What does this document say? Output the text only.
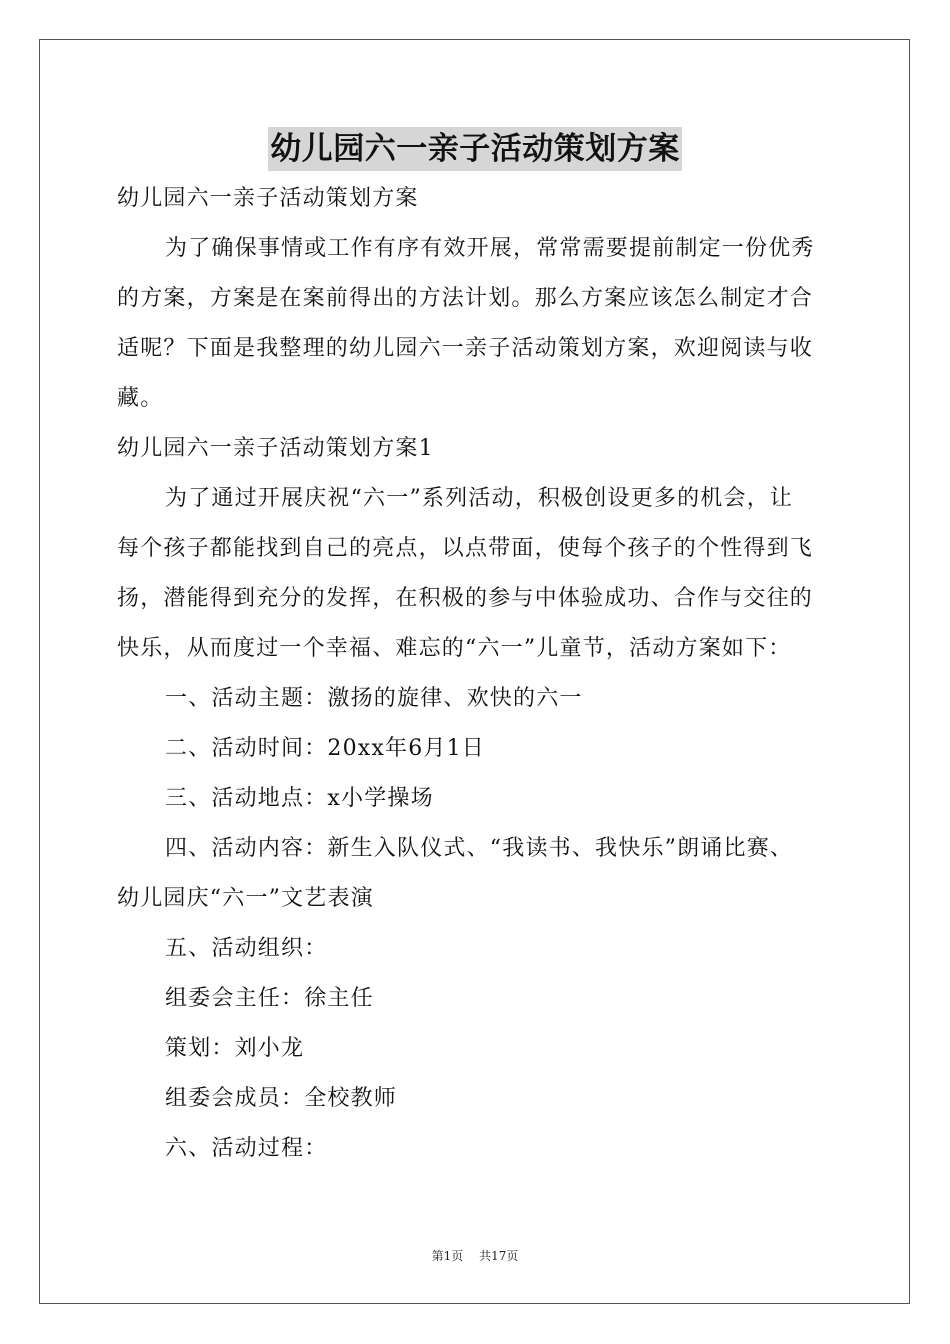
幼儿园六一亲子活动策划方案
幼儿园六一亲子活动策划方案
为了确保事情或工作有序有效开展，常常需要提前制定一份优秀
的方案，方案是在案前得出的方法计划。那么方案应该怎么制定才合
适呢？下面是我整理的幼儿园六一亲子活动策划方案，欢迎阅读与收
藏。
幼儿园六一亲子活动策划方案1
为了通过开展庆祝“六一”系列活动，积极创设更多的机会，让
每个孩子都能找到自己的亮点，以点带面，使每个孩子的个性得到飞
扬，潜能得到充分的发挥，在积极的参与中体验成功、合作与交往的
快乐，从而度过一个幸福、难忘的“六一”儿童节，活动方案如下：
一、活动主题：激扬的旋律、欢快的六一
二、活动时间：20xx年6月1日
三、活动地点：x小学操场
四、活动内容：新生入队仪式、“我读书、我快乐”朗诵比赛、
幼儿园庆“六一”文艺表演
五、活动组织：
组委会主任：徐主任
策划：刘小龙
组委会成员：全校教师
六、活动过程：
第1页 共17页
